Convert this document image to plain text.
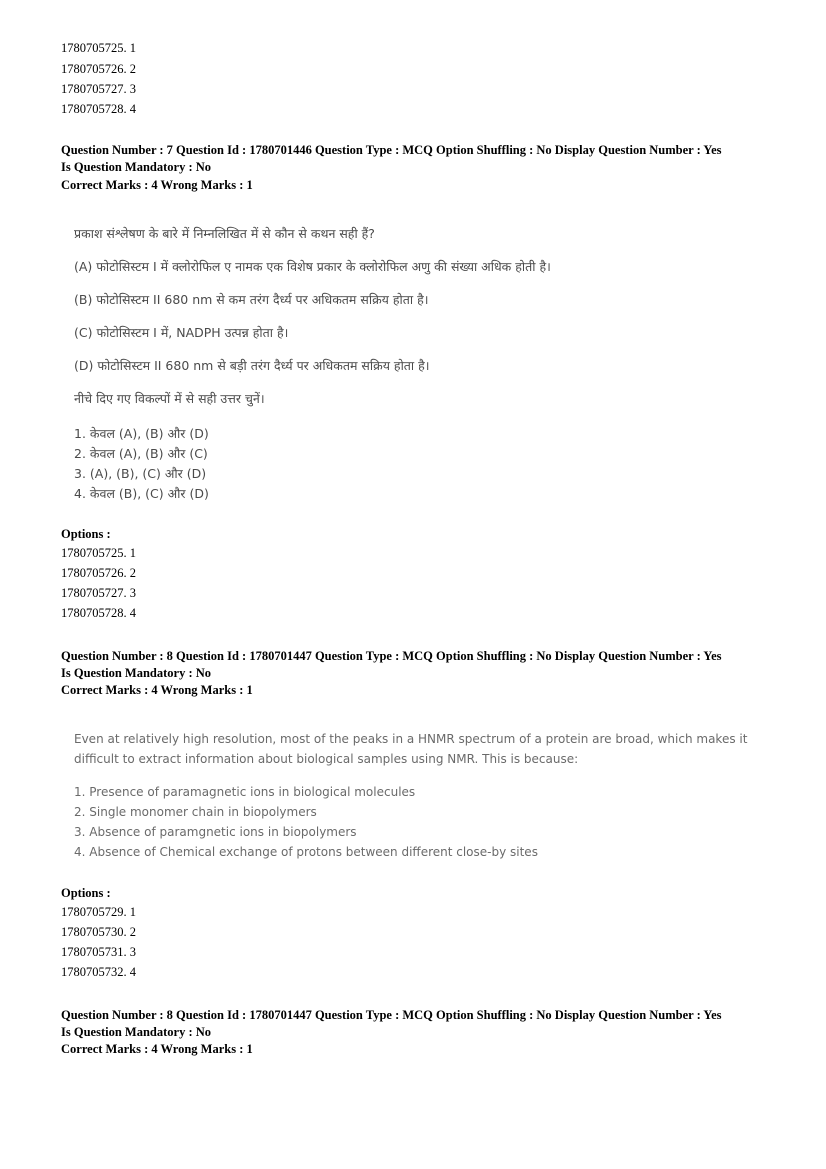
1780705725. 1
1780705726. 2
1780705727. 3
1780705728. 4
Question Number : 7 Question Id : 1780701446 Question Type : MCQ Option Shuffling : No Display Question Number : Yes
Is Question Mandatory : No
Correct Marks : 4 Wrong Marks : 1
प्रकाश संश्लेषण के बारे में निम्नलिखित में से कौन से कथन सही हैं?
(A) फोटोसिस्टम I में क्लोरोफिल ए नामक एक विशेष प्रकार के क्लोरोफिल अणु की संख्या अधिक होती है।
(B) फोटोसिस्टम II 680 nm से कम तरंग दैर्ध्य पर अधिकतम सक्रिय होता है।
(C) फोटोसिस्टम I में, NADPH उत्पन्न होता है।
(D) फोटोसिस्टम II 680 nm से बड़ी तरंग दैर्ध्य पर अधिकतम सक्रिय होता है।
नीचे दिए गए विकल्पों में से सही उत्तर चुनें।
1. केवल (A), (B) और (D)
2. केवल (A), (B) और (C)
3. (A), (B), (C) और (D)
4. केवल (B), (C) और (D)
Options :
1780705725. 1
1780705726. 2
1780705727. 3
1780705728. 4
Question Number : 8 Question Id : 1780701447 Question Type : MCQ Option Shuffling : No Display Question Number : Yes
Is Question Mandatory : No
Correct Marks : 4 Wrong Marks : 1
Even at relatively high resolution, most of the peaks in a HNMR spectrum of a protein are broad, which makes it
difficult to extract information about biological samples using NMR. This is because:
1. Presence of paramagnetic ions in biological molecules
2. Single monomer chain in biopolymers
3. Absence of paramgnetic ions in biopolymers
4. Absence of Chemical exchange of protons between different close-by sites
Options :
1780705729. 1
1780705730. 2
1780705731. 3
1780705732. 4
Question Number : 8 Question Id : 1780701447 Question Type : MCQ Option Shuffling : No Display Question Number : Yes
Is Question Mandatory : No
Correct Marks : 4 Wrong Marks : 1
